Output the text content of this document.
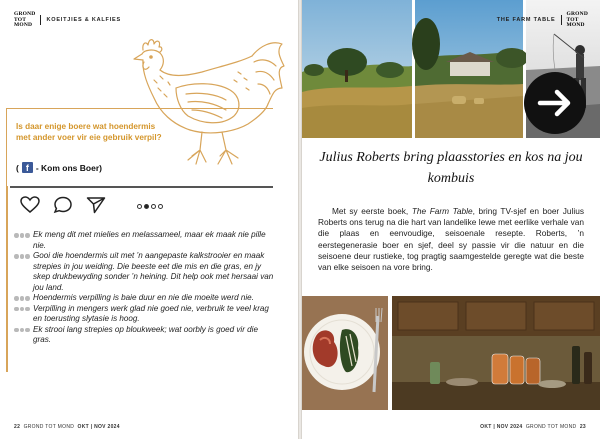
GROND
TOT
MOND
KOEITJIES & KALFIES
Is daar enige boere wat hoendermis met ander voer vir eie gebruik verpil?
( f - Kom ons Boer)
Ek meng dit met mielies en melassameel, maar ek maak nie pille nie.
Gooi die hoendermis uit met ’n aangepaste kalkstrooier en maak strepies in jou weiding. Die beeste eet die mis en die gras, en jy skep drukbewyding sonder ’n heining. Dit help ook met hersaai van jou land.
Hoendermis verpilling is baie duur en nie die moeite werd nie.
Verpilling in mengers werk glad nie goed nie, verbruik te veel krag en toerusting slytasie is hoog.
Ek strooi lang strepies op bloukweek; wat oorbly is goed vir die gras.
22 GROND TOT MOND OKT | NOV 2024
THE FARM TABLE
GROND
TOT
MOND
Julius Roberts bring plaasstories en kos na jou kombuis
Met sy eerste boek, The Farm Table, bring TV-sjef en boer Julius Roberts ons terug na die hart van landelike lewe met eerlike verhale van die plaas en eenvoudige, seisoenale resepte. Roberts, ’n eerstegenerasie boer en sjef, deel sy passie vir die natuur en die seisoene deur rustieke, tog pragtig saamgestelde geregte wat die beste van elke seisoen na vore bring.
OKT | NOV 2024 GROND TOT MOND 23
